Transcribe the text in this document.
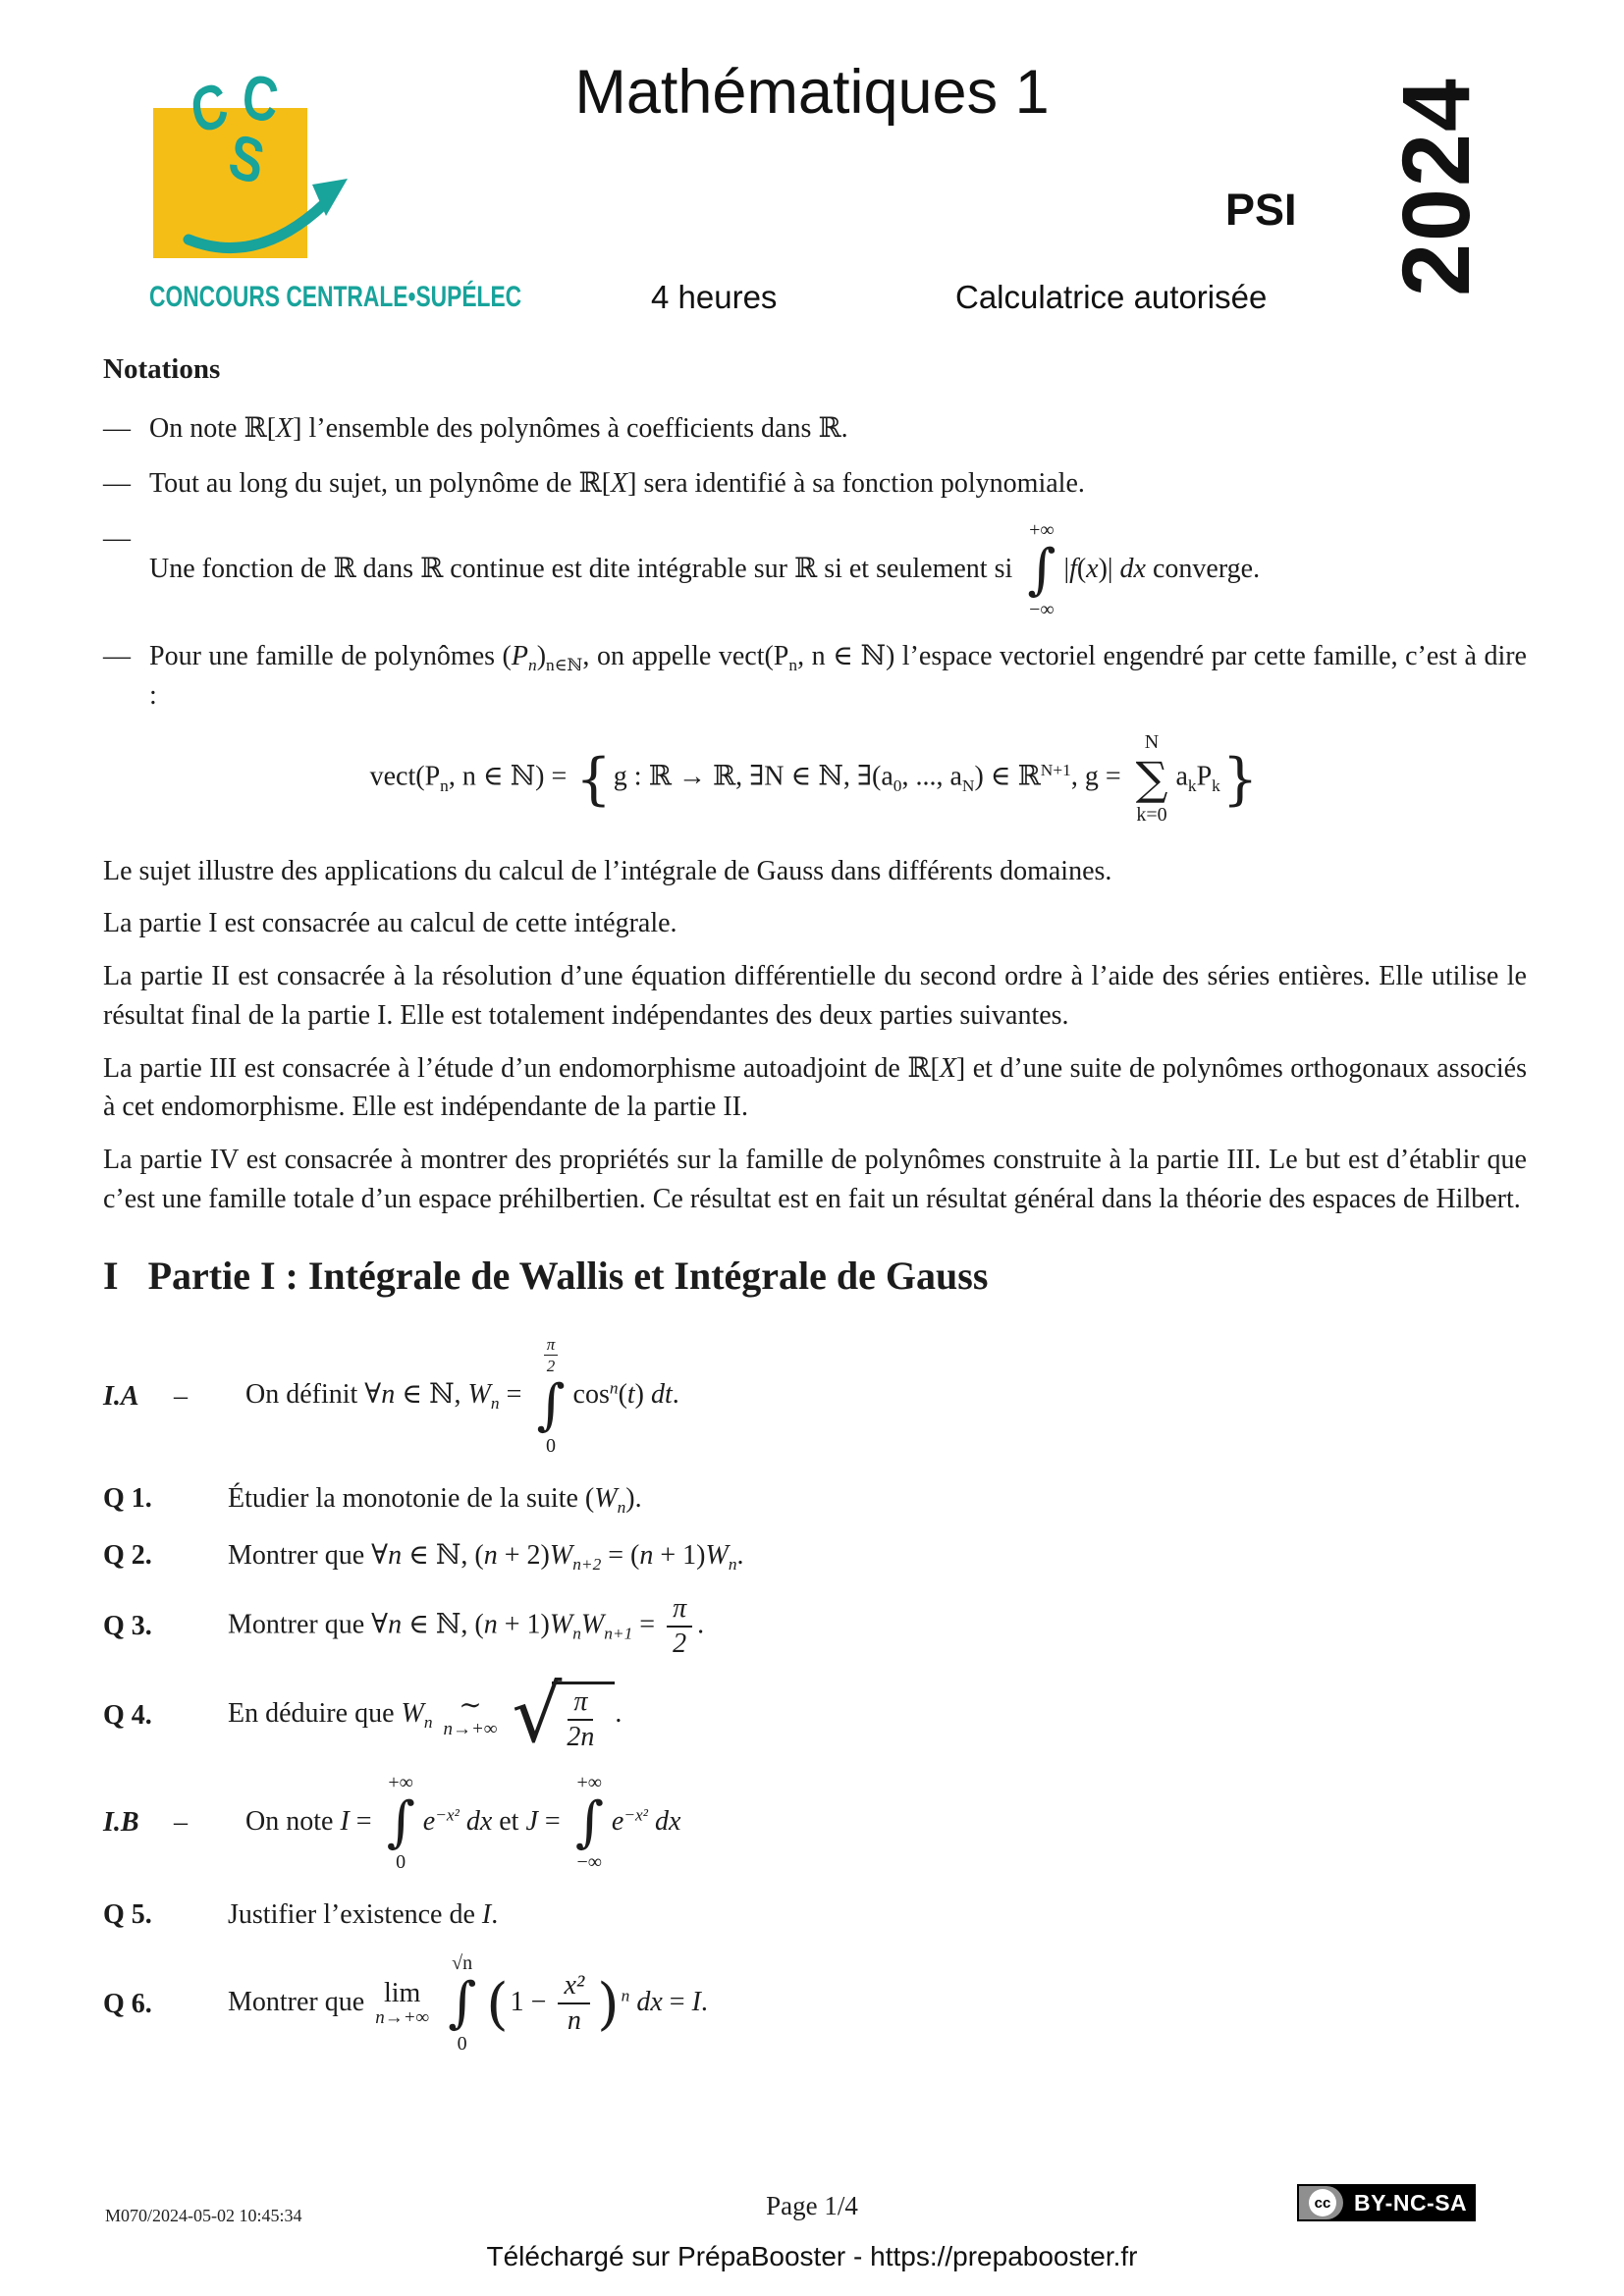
C C
S
CONCOURS CENTRALE•SUPÉLEC
Mathématiques 1
PSI
4 heures	Calculatrice autorisée
2024
Notations
— On note ℝ[X] l’ensemble des polynômes à coefficients dans ℝ.
— Tout au long du sujet, un polynôme de ℝ[X] sera identifié à sa fonction polynomiale.
—
Une fonction de ℝ dans ℝ continue est dite intégrable sur ℝ si et seulement si
+∞
∫
−∞
|f(x)| dx converge.
— Pour une famille de polynômes $(P_n)_{n\in ℕ}$, on appelle $vect(P_n$, n ∈ ℕ) l’espace vectoriel engendré par cette famille, c’est à dire :
$vect(P_n$, n ∈ ℕ) = {g : ℝ → ℝ, ∃N ∈ ℕ, $\exists(a_0$, ..., $a_N$) ∈ ℝ$^{N+1}$, g =
N
∑
k=0
$a_kP_k$}

Le sujet illustre des applications du calcul de l’intégrale de Gauss dans différents domaines.

La partie I est consacrée au calcul de cette intégrale.

La partie II est consacrée à la résolution d’une équation différentielle du second ordre à l’aide des séries entières. Elle utilise le résultat final de la partie I. Elle est totalement indépendantes des deux parties suivantes.

La partie III est consacrée à l’étude d’un endomorphisme autoadjoint de ℝ[X] et d’une suite de polynômes orthogonaux associés à cet endomorphisme. Elle est indépendante de la partie II.

La partie IV est consacrée à montrer des propriétés sur la famille de polynômes construite à la partie III. Le but est d’établir que c’est une famille totale d’un espace préhilbertien. Ce résultat est en fait un résultat général dans la théorie des espaces de Hilbert.

I Partie I : Intégrale de Wallis et Intégrale de Gauss
I.A	–	On définit ∀n ∈ ℕ, $W_n$ =
$\frac{\pi}{2}$
∫
0
$\cos^n(t)$ dt.
Q 1.	Étudier la monotonie de la suite $(W_n)$.
Q 2.	Montrer que ∀n ∈ ℕ, $(n + 2)W_{n+2} = (n + 1)W_n$.
Q 3.	Montrer que ∀n ∈ ℕ, $(n + 1)W_nW_{n+1} = \frac{\pi}{2}$ .
Q 4.	En déduire que $W_n$
∼
n→+∞
√ $\frac{\pi}{2n}$ .
I.B	–	On note I =
+∞
∫
0
$e^{-x^2}$ dx et J =
+∞
∫
−∞
$e^{-x^2}$ dx
Q 5.	Justifier l’existence de I.
Q 6.	Montrer que lim
n→+∞

√n
∫
0
($1 - \frac{\text{x²}}{n}$ ) $^n$ dx = I.
M070/2024-05-02 10:45:34	Page 1/4	cc BY-NC-SA
Téléchargé sur PrépaBooster - https://prepabooster.fr
